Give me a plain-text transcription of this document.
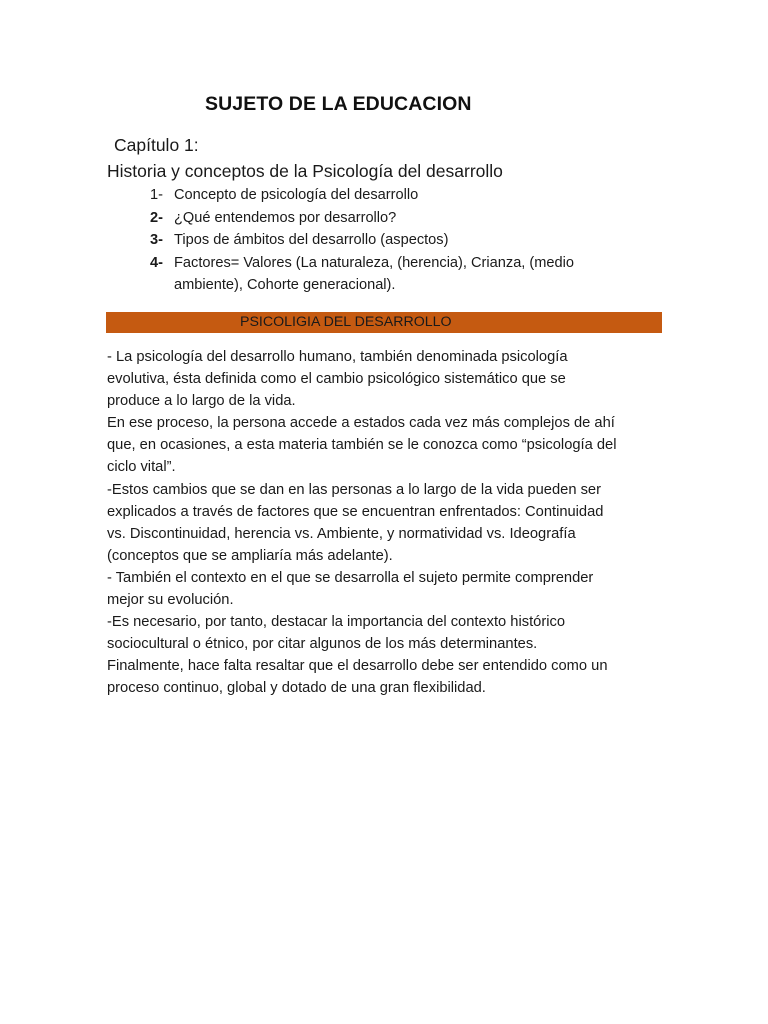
SUJETO DE LA EDUCACION
Capítulo 1:
Historia y conceptos de la Psicología del desarrollo
1- Concepto de psicología del desarrollo
2- ¿Qué entendemos por desarrollo?
3- Tipos de ámbitos del desarrollo (aspectos)
4- Factores= Valores (La naturaleza, (herencia), Crianza, (medio
ambiente), Cohorte generacional).
PSICOLIGIA DEL DESARROLLO
- La psicología del desarrollo humano, también denominada psicología
evolutiva, ésta definida como el cambio psicológico sistemático que se
produce a lo largo de la vida.
En ese proceso, la persona accede a estados cada vez más complejos de ahí
que, en ocasiones, a esta materia también se le conozca como “psicología del
ciclo vital”.
-Estos cambios que se dan en las personas a lo largo de la vida pueden ser
explicados a través de factores que se encuentran enfrentados: Continuidad
vs. Discontinuidad, herencia vs. Ambiente, y normatividad vs. Ideografía
(conceptos que se ampliaría más adelante).
- También el contexto en el que se desarrolla el sujeto permite comprender
mejor su evolución.
-Es necesario, por tanto, destacar la importancia del contexto histórico
sociocultural o étnico, por citar algunos de los más determinantes.
Finalmente, hace falta resaltar que el desarrollo debe ser entendido como un
proceso continuo, global y dotado de una gran flexibilidad.
